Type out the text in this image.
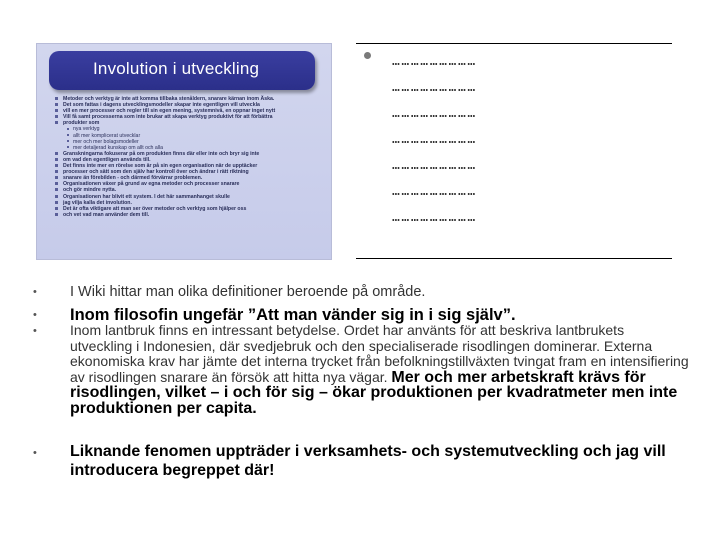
Involution i utveckling
Metoder och verktyg är inte att komma tillbaka stenåldern, snarare kärnan inom Äska.
Det som fattas i dagens utvecklingsmodeller skapar inte egentligen vill utveckla
vill en mer processer och regler till sin egen mening, systemnivå, en oppnar inget nytt
Vill få samt processerna som inte brukar att skapa verktyg produktivt för att förbättra
produkter som
nya verktyg
allt mer komplicerat utvecklar
mer och mer bolagsmodeller
mer detaljerad kunskap om allt och alla
Granskningarna fokuserar på om produkten finns där eller inte och bryr sig inte
om vad den egentligen används till.
Det finns inte mer en rörelse som är på sin egen organisation när de upptäcker
processer och sätt som den själv har kontroll över och ändrar i rätt riktning
snarare än förebilden - och därmed förvärrar problemen.
Organisationen växer på grund av egna metoder och processer snarare
och gör mindre nytta.
Organisationen har blivit ett system. I det här sammanhanget skulle
jag vilja kalla det involution.
Det är ofta viktigare att man ser över metoder och verktyg som hjälper oss
och vet vad man använder dem till.
………………………
………………………
………………………
………………………
………………………
………………………
………………………
• I Wiki hittar man olika definitioner beroende på område.
• Inom filosofin ungefär ”Att man vänder sig in i sig själv”.
• Inom lantbruk finns en intressant betydelse. Ordet har använts för att beskriva lantbrukets utveckling i Indonesien, där svedjebruk och den specialiserade risodlingen dominerar. Externa ekonomiska krav har jämte det interna trycket från befolkningstillväxten tvingat fram en intensifiering av risodlingen snarare än försök att hitta nya vägar. Mer och mer arbetskraft krävs för risodlingen, vilket – i och för sig – ökar produktionen per kvadratmeter men inte produktionen per capita.
• Liknande fenomen uppträder i verksamhets- och systemutveckling och jag vill introducera begreppet där!
